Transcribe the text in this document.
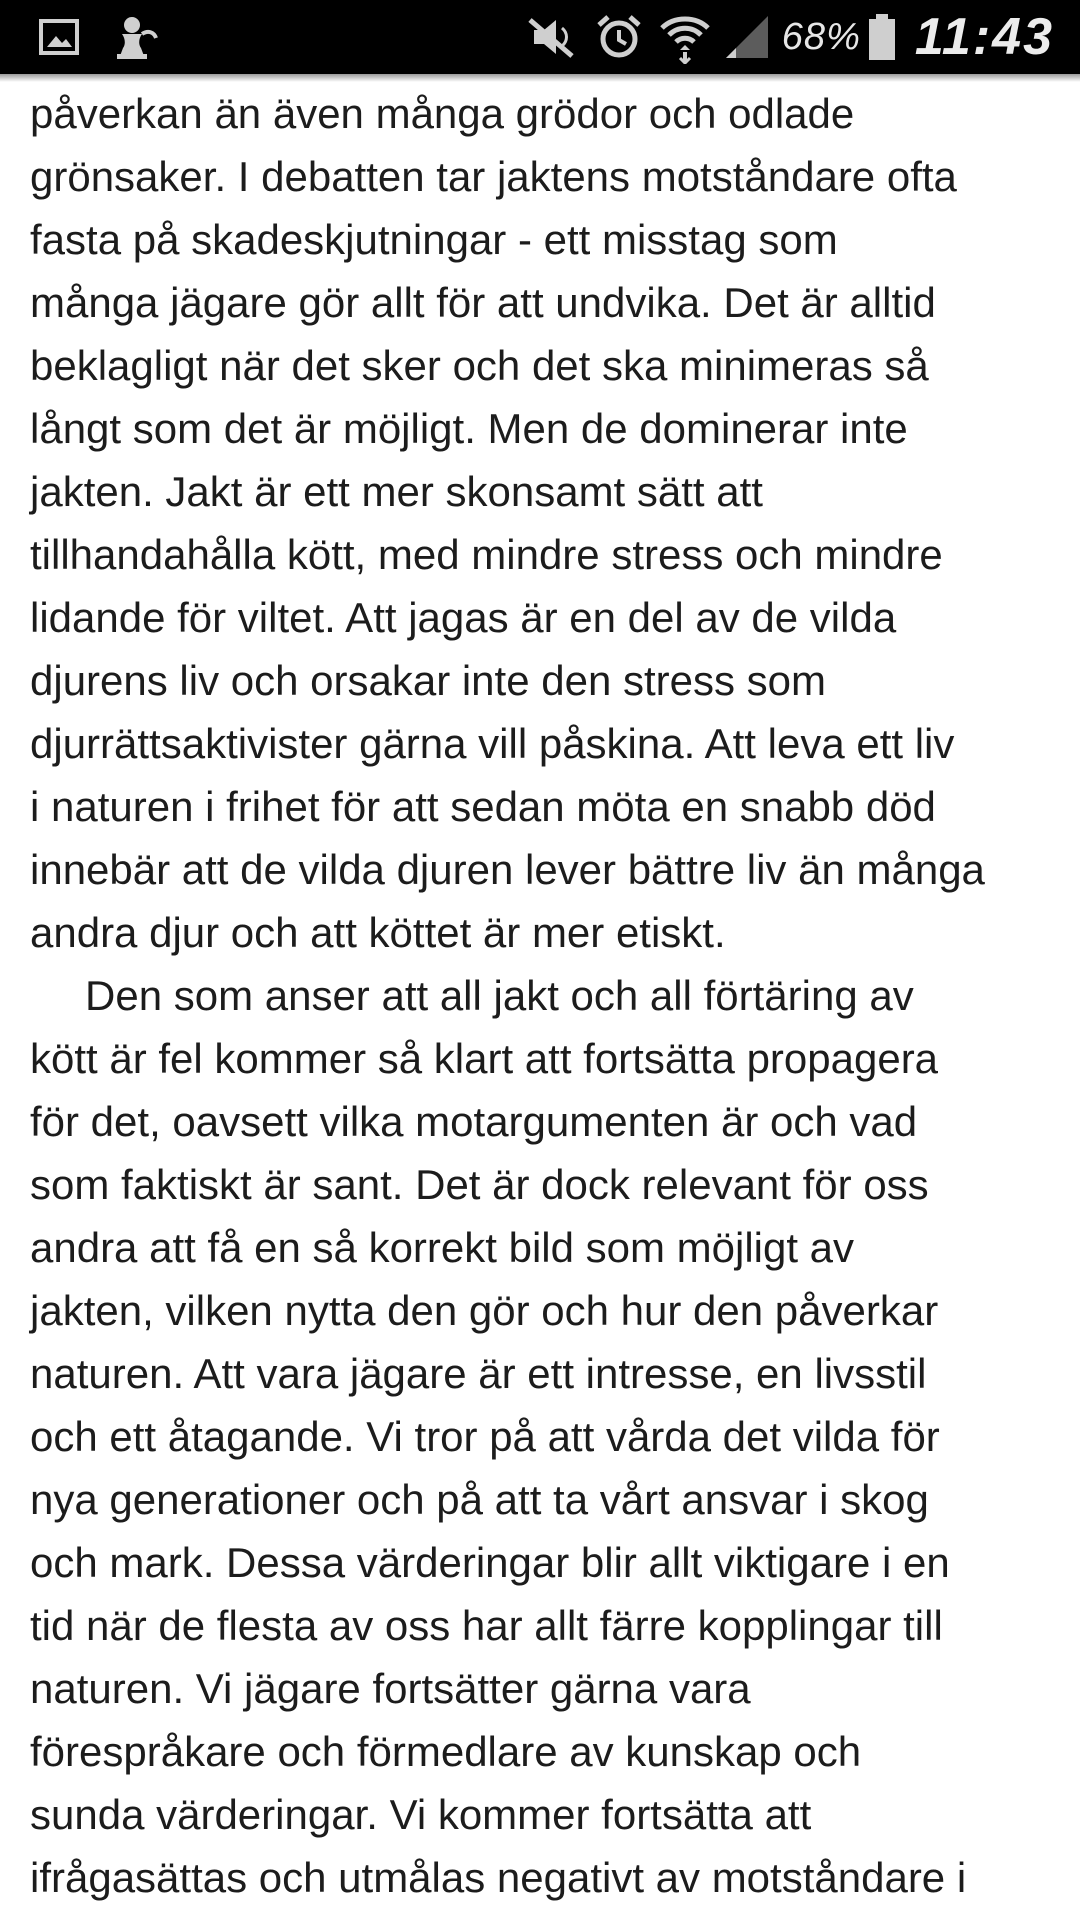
68% 11:43

påverkan än även många grödor och odlade
grönsaker. I debatten tar jaktens motståndare ofta
fasta på skadeskjutningar - ett misstag som
många jägare gör allt för att undvika. Det är alltid
beklagligt när det sker och det ska minimeras så
långt som det är möjligt. Men de dominerar inte
jakten. Jakt är ett mer skonsamt sätt att
tillhandahålla kött, med mindre stress och mindre
lidande för viltet. Att jagas är en del av de vilda
djurens liv och orsakar inte den stress som
djurrättsaktivister gärna vill påskina. Att leva ett liv
i naturen i frihet för att sedan möta en snabb död
innebär att de vilda djuren lever bättre liv än många
andra djur och att köttet är mer etiskt.

Den som anser att all jakt och all förtäring av
kött är fel kommer så klart att fortsätta propagera
för det, oavsett vilka motargumenten är och vad
som faktiskt är sant. Det är dock relevant för oss
andra att få en så korrekt bild som möjligt av
jakten, vilken nytta den gör och hur den påverkar
naturen. Att vara jägare är ett intresse, en livsstil
och ett åtagande. Vi tror på att vårda det vilda för
nya generationer och på att ta vårt ansvar i skog
och mark. Dessa värderingar blir allt viktigare i en
tid när de flesta av oss har allt färre kopplingar till
naturen. Vi jägare fortsätter gärna vara
förespråkare och förmedlare av kunskap och
sunda värderingar. Vi kommer fortsätta att
ifrågasättas och utmålas negativt av motståndare i
